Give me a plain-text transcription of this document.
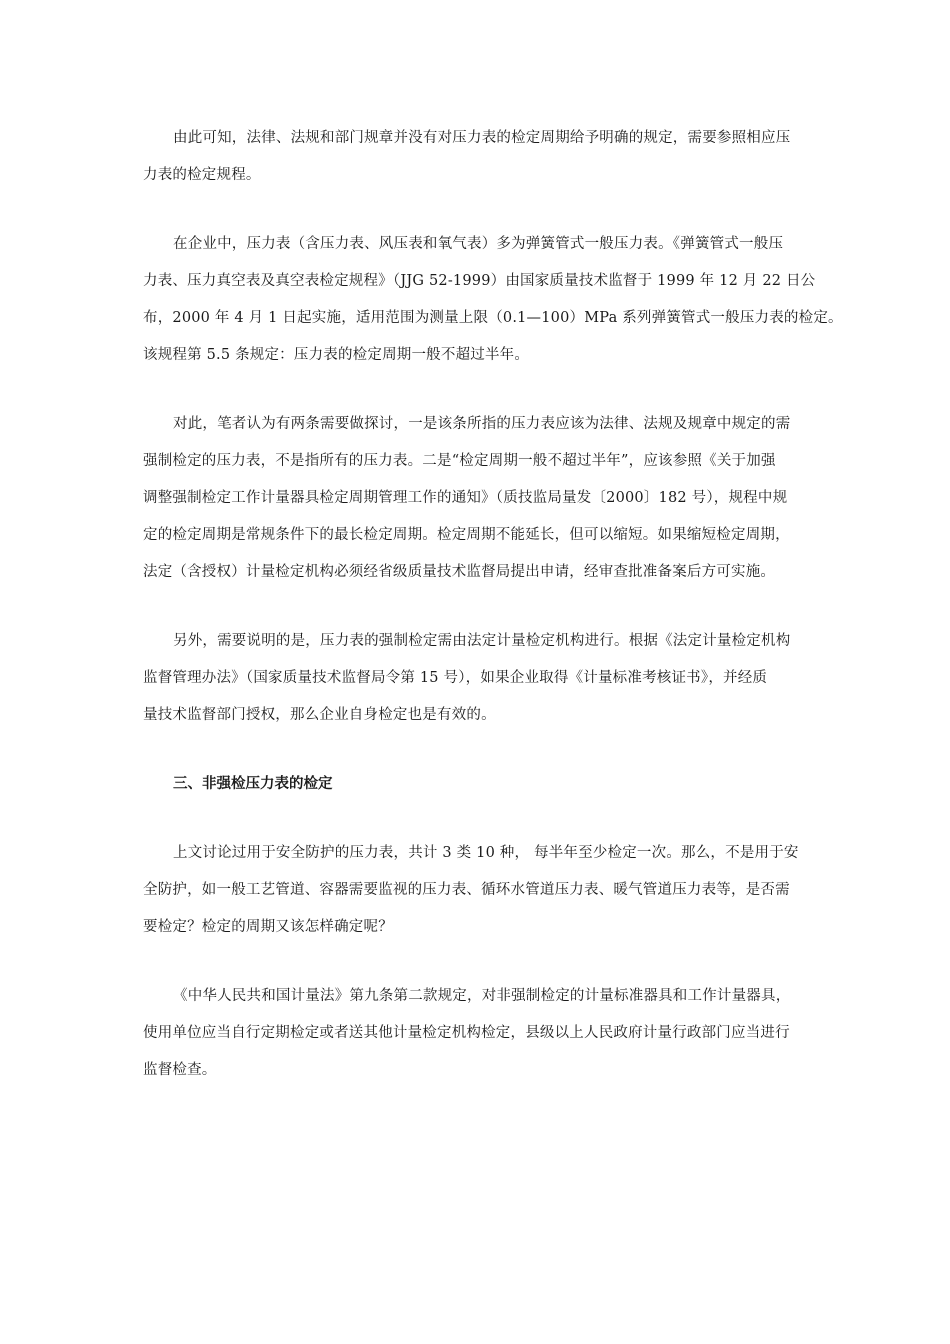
由此可知，法律、法规和部门规章并没有对压力表的检定周期给予明确的规定，需要参照相应压
力表的检定规程。
在企业中，压力表（含压力表、风压表和氧气表）多为弹簧管式一般压力表。《弹簧管式一般压
力表、压力真空表及真空表检定规程》（JJG 52-1999）由国家质量技术监督于 1999 年 12 月 22 日公
布，2000 年 4 月 1 日起实施，适用范围为测量上限（0.1—100）MPa 系列弹簧管式一般压力表的检定。
该规程第 5.5 条规定：压力表的检定周期一般不超过半年。
对此，笔者认为有两条需要做探讨，一是该条所指的压力表应该为法律、法规及规章中规定的需
强制检定的压力表，不是指所有的压力表。二是“检定周期一般不超过半年”，应该参照《关于加强
调整强制检定工作计量器具检定周期管理工作的通知》（质技监局量发〔2000〕182 号），规程中规
定的检定周期是常规条件下的最长检定周期。检定周期不能延长，但可以缩短。如果缩短检定周期，
法定（含授权）计量检定机构必须经省级质量技术监督局提出申请，经审查批准备案后方可实施。
另外，需要说明的是，压力表的强制检定需由法定计量检定机构进行。根据《法定计量检定机构
监督管理办法》（国家质量技术监督局令第 15 号），如果企业取得《计量标准考核证书》，并经质
量技术监督部门授权，那么企业自身检定也是有效的。
三、非强检压力表的检定
上文讨论过用于安全防护的压力表，共计 3 类 10 种， 每半年至少检定一次。那么，不是用于安
全防护，如一般工艺管道、容器需要监视的压力表、循环水管道压力表、暖气管道压力表等，是否需
要检定？检定的周期又该怎样确定呢？
《中华人民共和国计量法》第九条第二款规定，对非强制检定的计量标准器具和工作计量器具，
使用单位应当自行定期检定或者送其他计量检定机构检定，县级以上人民政府计量行政部门应当进行
监督检查。
